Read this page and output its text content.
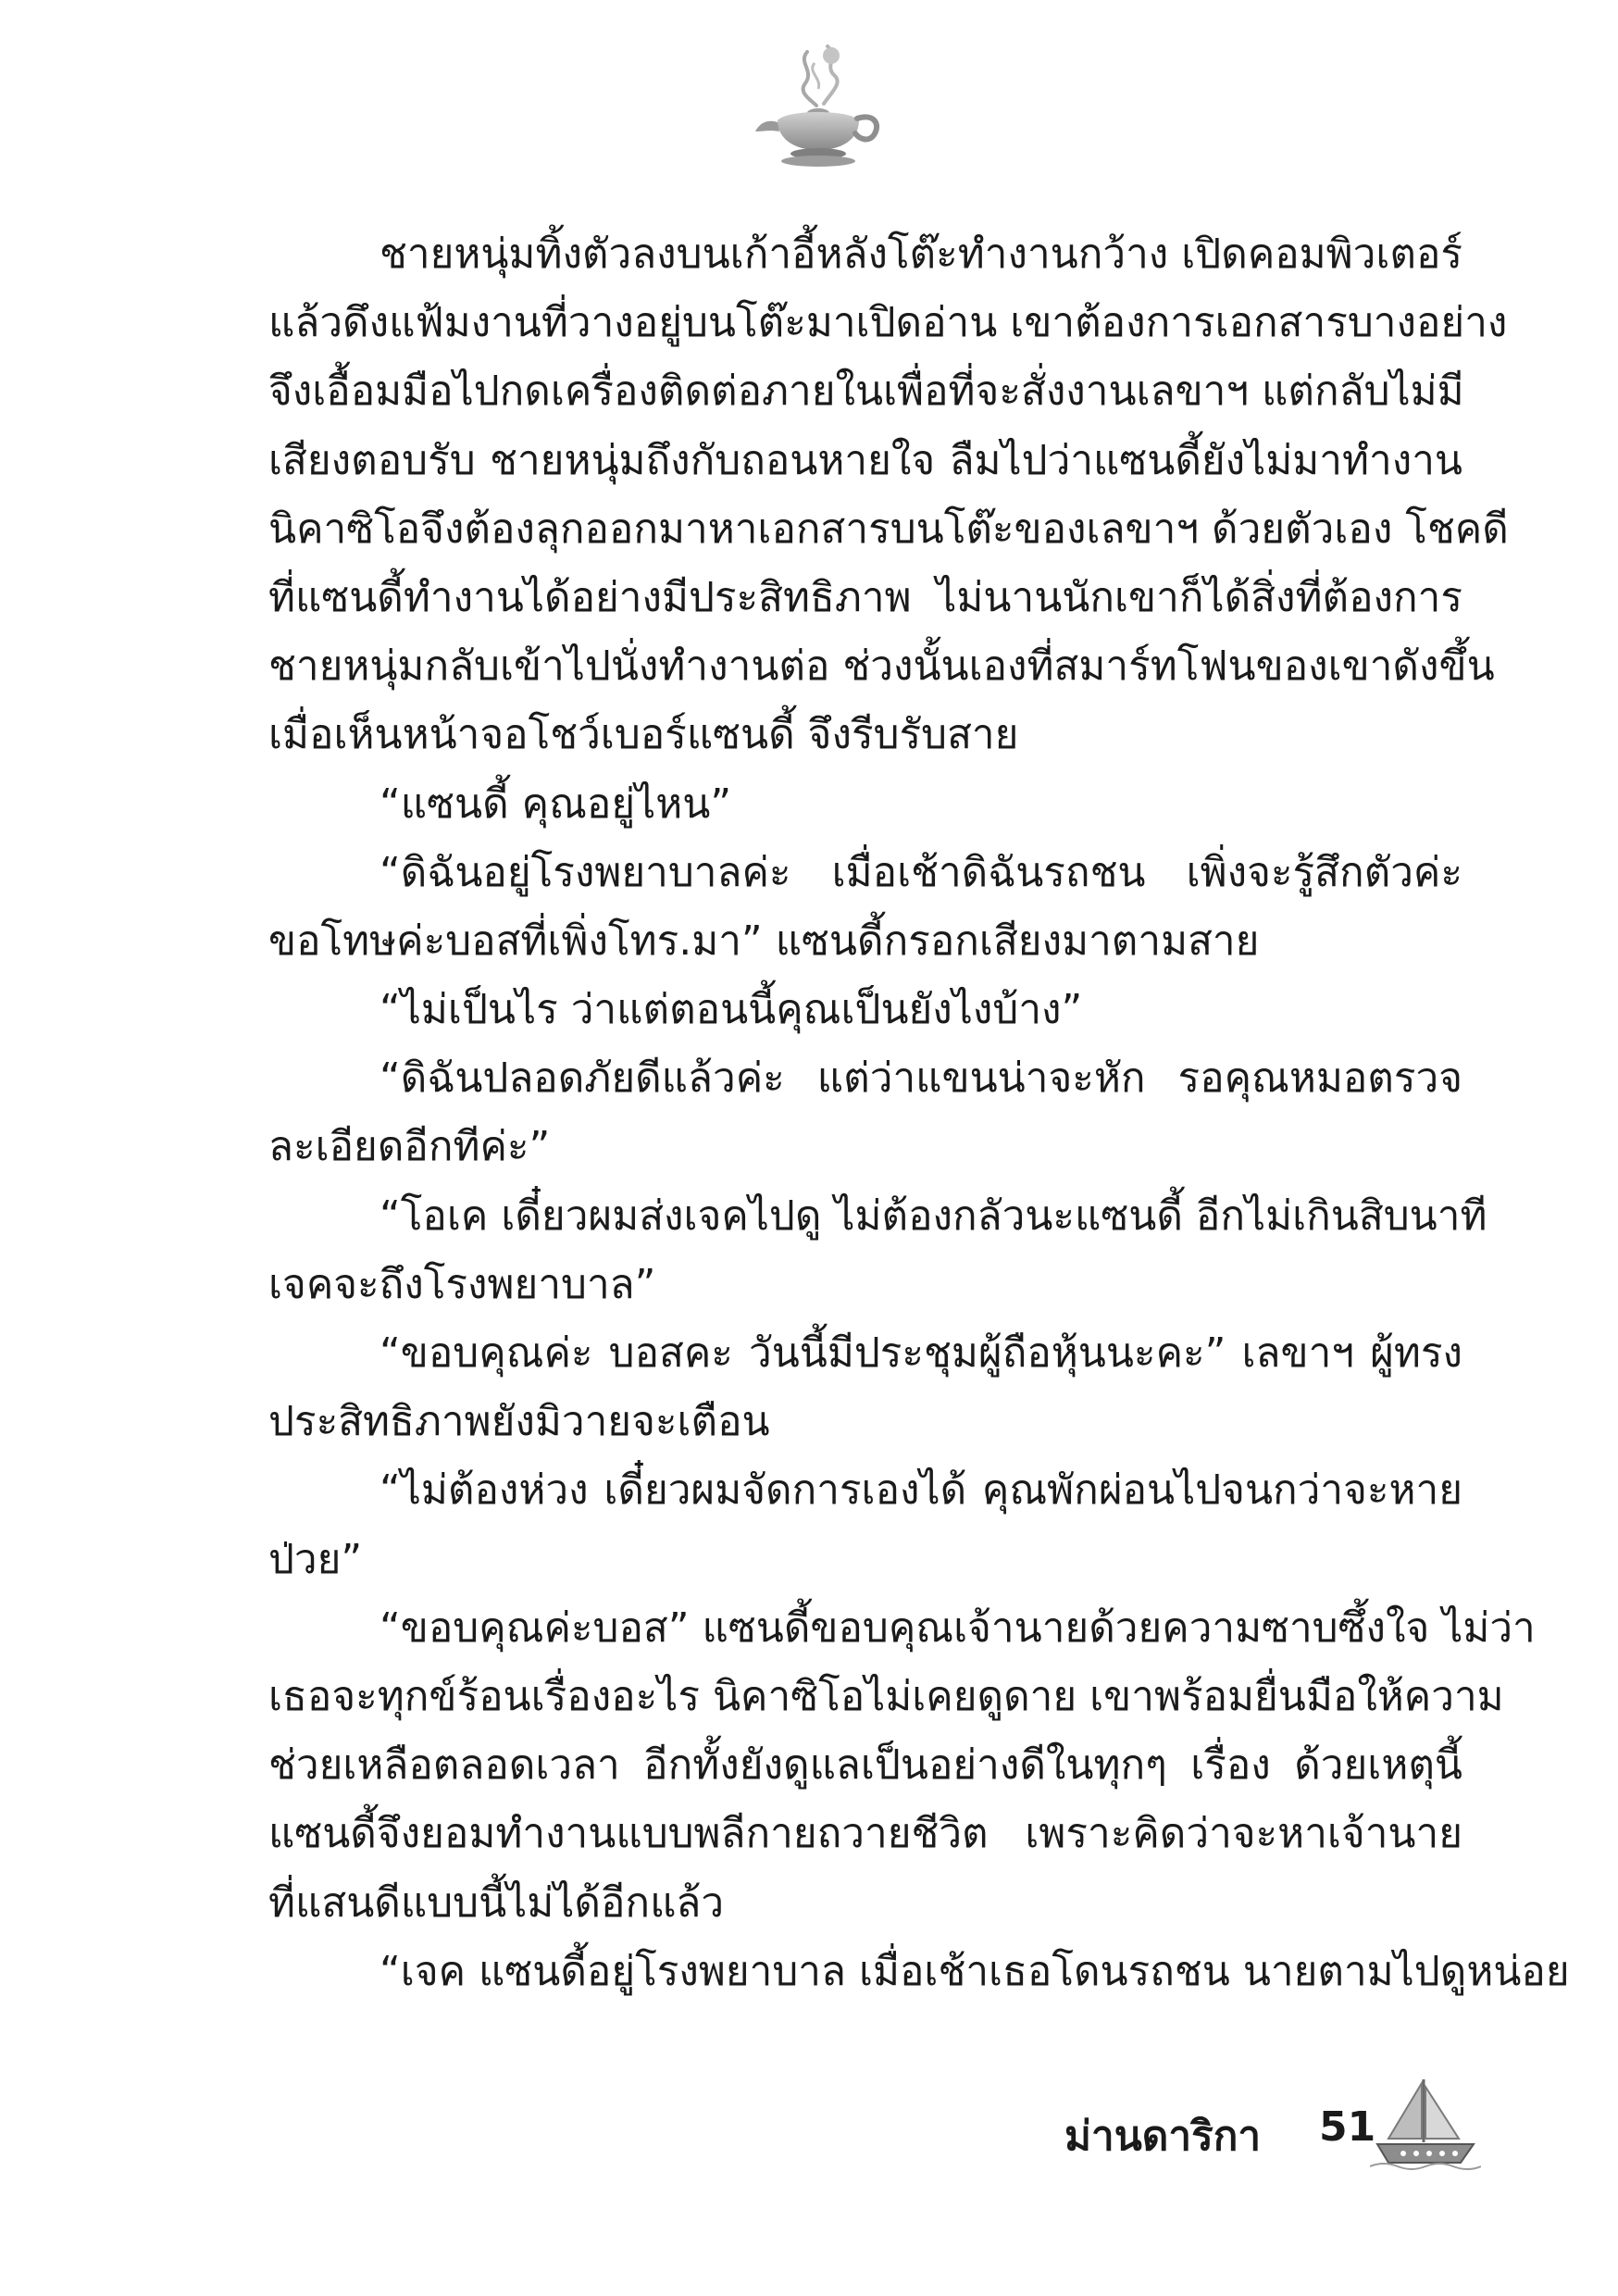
ชายหนุ่มทิ้งตัวลงบนเก้าอี้หลังโต๊ะทำงานกว้าง เปิดคอมพิวเตอร์
แล้วดึงแฟ้มงานที่วางอยู่บนโต๊ะมาเปิดอ่าน เขาต้องการเอกสารบางอย่าง
จึงเอื้อมมือไปกดเครื่องติดต่อภายในเพื่อที่จะสั่งงานเลขาฯ แต่กลับไม่มี
เสียงตอบรับ ชายหนุ่มถึงกับถอนหายใจ ลืมไปว่าแซนดี้ยังไม่มาทำงาน
นิคาซิโอจึงต้องลุกออกมาหาเอกสารบนโต๊ะของเลขาฯ ด้วยตัวเอง โชคดี
ที่แซนดี้ทำงานได้อย่างมีประสิทธิภาพ ไม่นานนักเขาก็ได้สิ่งที่ต้องการ
ชายหนุ่มกลับเข้าไปนั่งทำงานต่อ ช่วงนั้นเองที่สมาร์ทโฟนของเขาดังขึ้น
เมื่อเห็นหน้าจอโชว์เบอร์แซนดี้ จึงรีบรับสาย
“แซนดี้ คุณอยู่ไหน”
“ดิฉันอยู่โรงพยาบาลค่ะ เมื่อเช้าดิฉันรถชน เพิ่งจะรู้สึกตัวค่ะ
ขอโทษค่ะบอสที่เพิ่งโทร.มา” แซนดี้กรอกเสียงมาตามสาย
“ไม่เป็นไร ว่าแต่ตอนนี้คุณเป็นยังไงบ้าง”
“ดิฉันปลอดภัยดีแล้วค่ะ แต่ว่าแขนน่าจะหัก รอคุณหมอตรวจ
ละเอียดอีกทีค่ะ”
“โอเค เดี๋ยวผมส่งเจคไปดู ไม่ต้องกลัวนะแซนดี้ อีกไม่เกินสิบนาที
เจคจะถึงโรงพยาบาล”
“ขอบคุณค่ะ บอสคะ วันนี้มีประชุมผู้ถือหุ้นนะคะ” เลขาฯ ผู้ทรง
ประสิทธิภาพยังมิวายจะเตือน
“ไม่ต้องห่วง เดี๋ยวผมจัดการเองได้ คุณพักผ่อนไปจนกว่าจะหาย
ป่วย”
“ขอบคุณค่ะบอส” แซนดี้ขอบคุณเจ้านายด้วยความซาบซึ้งใจ ไม่ว่า
เธอจะทุกข์ร้อนเรื่องอะไร นิคาซิโอไม่เคยดูดาย เขาพร้อมยื่นมือให้ความ
ช่วยเหลือตลอดเวลา อีกทั้งยังดูแลเป็นอย่างดีในทุกๆ เรื่อง ด้วยเหตุนี้
แซนดี้จึงยอมทำงานแบบพลีกายถวายชีวิต เพราะคิดว่าจะหาเจ้านาย
ที่แสนดีแบบนี้ไม่ได้อีกแล้ว
“เจค แซนดี้อยู่โรงพยาบาล เมื่อเช้าเธอโดนรถชน นายตามไปดูหน่อย
ม่านดาริกา 51
